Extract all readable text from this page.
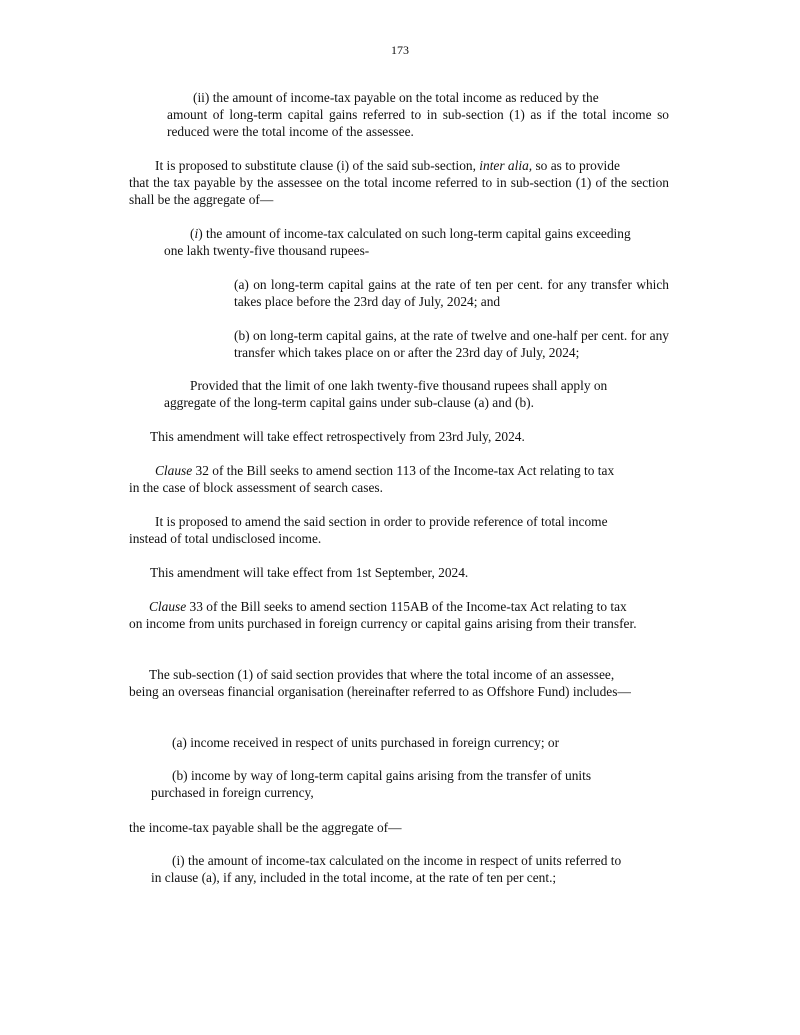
173
(ii) the amount of income-tax payable on the total income as reduced by the
amount of long-term capital gains referred to in sub-section (1) as if the total income so reduced were the total income of the assessee.
It is proposed to substitute clause (i) of the said sub-section, inter alia, so as to provide
that the tax payable by the assessee on the total income referred to in sub-section (1) of the section shall be the aggregate of—
(i) the amount of income-tax calculated on such long-term capital gains exceeding
one lakh twenty-five thousand rupees-
(a) on long-term capital gains at the rate of ten per cent. for any transfer which takes place before the 23rd day of July, 2024; and
(b) on long-term capital gains, at the rate of twelve and one-half per cent. for any transfer which takes place on or after the 23rd day of July, 2024;
Provided that the limit of one lakh twenty-five thousand rupees shall apply on
aggregate of the long-term capital gains under sub-clause (a) and (b).
This amendment will take effect retrospectively from 23rd July, 2024.
Clause 32 of the Bill seeks to amend section 113 of the Income-tax Act relating to tax
in the case of block assessment of search cases.
It is proposed to amend the said section in order to provide reference of total income
instead of total undisclosed income.
This amendment will take effect from 1st September, 2024.
Clause 33 of the Bill seeks to amend section 115AB of the Income-tax Act relating to tax
on income from units purchased in foreign currency or capital gains arising from their transfer.
The sub-section (1) of said section provides that where the total income of an assessee,
being an overseas financial organisation (hereinafter referred to as Offshore Fund) includes—
(a) income received in respect of units purchased in foreign currency; or
(b) income by way of long-term capital gains arising from the transfer of units
purchased in foreign currency,
the income-tax payable shall be the aggregate of—
(i) the amount of income-tax calculated on the income in respect of units referred to
in clause (a), if any, included in the total income, at the rate of ten per cent.;
